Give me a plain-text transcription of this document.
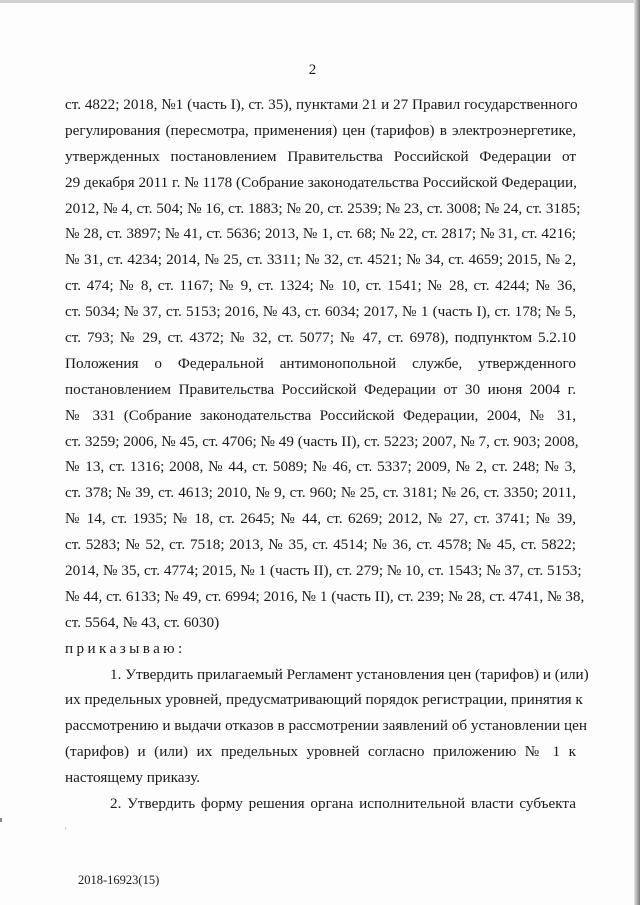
2
ст. 4822; 2018, №1 (часть I), ст. 35), пунктами 21 и 27 Правил государственного
регулирования (пересмотра, применения) цен (тарифов) в электроэнергетике,
утвержденных постановлением Правительства Российской Федерации от
29 декабря 2011 г. № 1178 (Собрание законодательства Российской Федерации,
2012, № 4, ст. 504; № 16, ст. 1883; № 20, ст. 2539; № 23, ст. 3008; № 24, ст. 3185;
№ 28, ст. 3897; № 41, ст. 5636; 2013, № 1, ст. 68; № 22, ст. 2817; № 31, ст. 4216;
№ 31, ст. 4234; 2014, № 25, ст. 3311; № 32, ст. 4521; № 34, ст. 4659; 2015, № 2,
ст. 474; № 8, ст. 1167; № 9, ст. 1324; № 10, ст. 1541; № 28, ст. 4244; № 36,
ст. 5034; № 37, ст. 5153; 2016, № 43, ст. 6034; 2017, № 1 (часть I), ст. 178; № 5,
ст. 793; № 29, ст. 4372; № 32, ст. 5077; № 47, ст. 6978), подпунктом 5.2.10
Положения о Федеральной антимонопольной службе, утвержденного
постановлением Правительства Российской Федерации от 30 июня 2004 г.
№ 331 (Собрание законодательства Российской Федерации, 2004, № 31,
ст. 3259; 2006, № 45, ст. 4706; № 49 (часть II), ст. 5223; 2007, № 7, ст. 903; 2008,
№ 13, ст. 1316; 2008, № 44, ст. 5089; № 46, ст. 5337; 2009, № 2, ст. 248; № 3,
ст. 378; № 39, ст. 4613; 2010, № 9, ст. 960; № 25, ст. 3181; № 26, ст. 3350; 2011,
№ 14, ст. 1935; № 18, ст. 2645; № 44, ст. 6269; 2012, № 27, ст. 3741; № 39,
ст. 5283; № 52, ст. 7518; 2013, № 35, ст. 4514; № 36, ст. 4578; № 45, ст. 5822;
2014, № 35, ст. 4774; 2015, № 1 (часть II), ст. 279; № 10, ст. 1543; № 37, ст. 5153;
№ 44, ст. 6133; № 49, ст. 6994; 2016, № 1 (часть II), ст. 239; № 28, ст. 4741, № 38,
ст. 5564, № 43, ст. 6030)
приказываю:
1. Утвердить прилагаемый Регламент установления цен (тарифов) и (или)
их предельных уровней, предусматривающий порядок регистрации, принятия к
рассмотрению и выдачи отказов в рассмотрении заявлений об установлении цен
(тарифов) и (или) их предельных уровней согласно приложению № 1 к
настоящему приказу.
2. Утвердить форму решения органа исполнительной власти субъекта
'
2018-16923(15)
